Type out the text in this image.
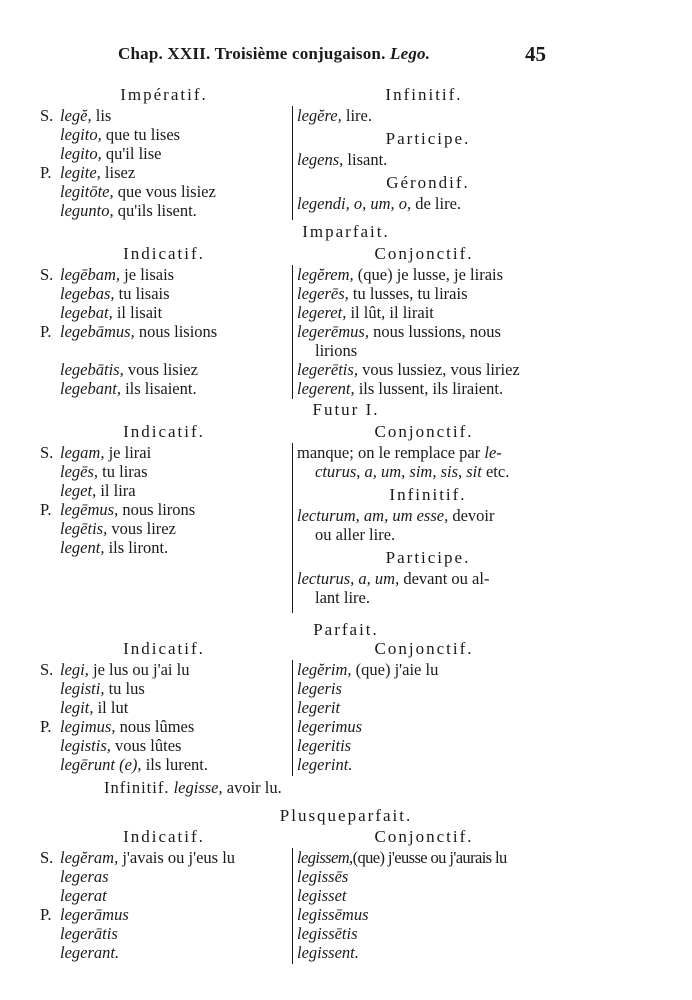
Chap. XXII. Troisième conjugaison. Lego.	45
Impératif.
S. legĕ, lis
legito, que tu lises
legito, qu'il lise
P. legite, lisez
legitōte, que vous lisiez
legunto, qu'ils lisent.
Infinitif.
legĕre, lire.
Participe.
legens, lisant.
Gérondif.
legendi, o, um, o, de lire.
Imparfait.
Indicatif.
S. legēbam, je lisais
legebas, tu lisais
legebat, il lisait
P. legebāmus, nous lisions
legebātis, vous lisiez
legebant, ils lisaient.
Conjonctif.
legĕrem, (que) je lusse, je lirais
legerēs, tu lusses, tu lirais
legeret, il lût, il lirait
legerēmus, nous lussions, nous
lirions
legerētis, vous lussiez, vous liriez
legerent, ils lussent, ils liraient.
Futur I.
Indicatif.
S. legam, je lirai
legēs, tu liras
leget, il lira
P. legēmus, nous lirons
legētis, vous lirez
legent, ils liront.
Conjonctif.
manque; on le remplace par le-
cturus, a, um, sim, sis, sit etc.
Infinitif.
lecturum, am, um esse, devoir
ou aller lire.
Participe.
lecturus, a, um, devant ou al-
lant lire.
Parfait.
Indicatif.
S. legi, je lus ou j'ai lu
legisti, tu lus
legit, il lut
P. legimus, nous lûmes
legistis, vous lûtes
legērunt (e), ils lurent.
Conjonctif.
legĕrim, (que) j'aie lu
legeris
legerit
legerimus
legeritis
legerint.
Infinitif. legisse, avoir lu.
Plusqueparfait.
Indicatif.
S. legĕram, j'avais ou j'eus lu
legeras
legerat
P. legerāmus
legerātis
legerant.
Conjonctif.
legissem,(que) j'eusse ou j'aurais lu
legissēs
legisset
legissēmus
legissētis
legissent.
